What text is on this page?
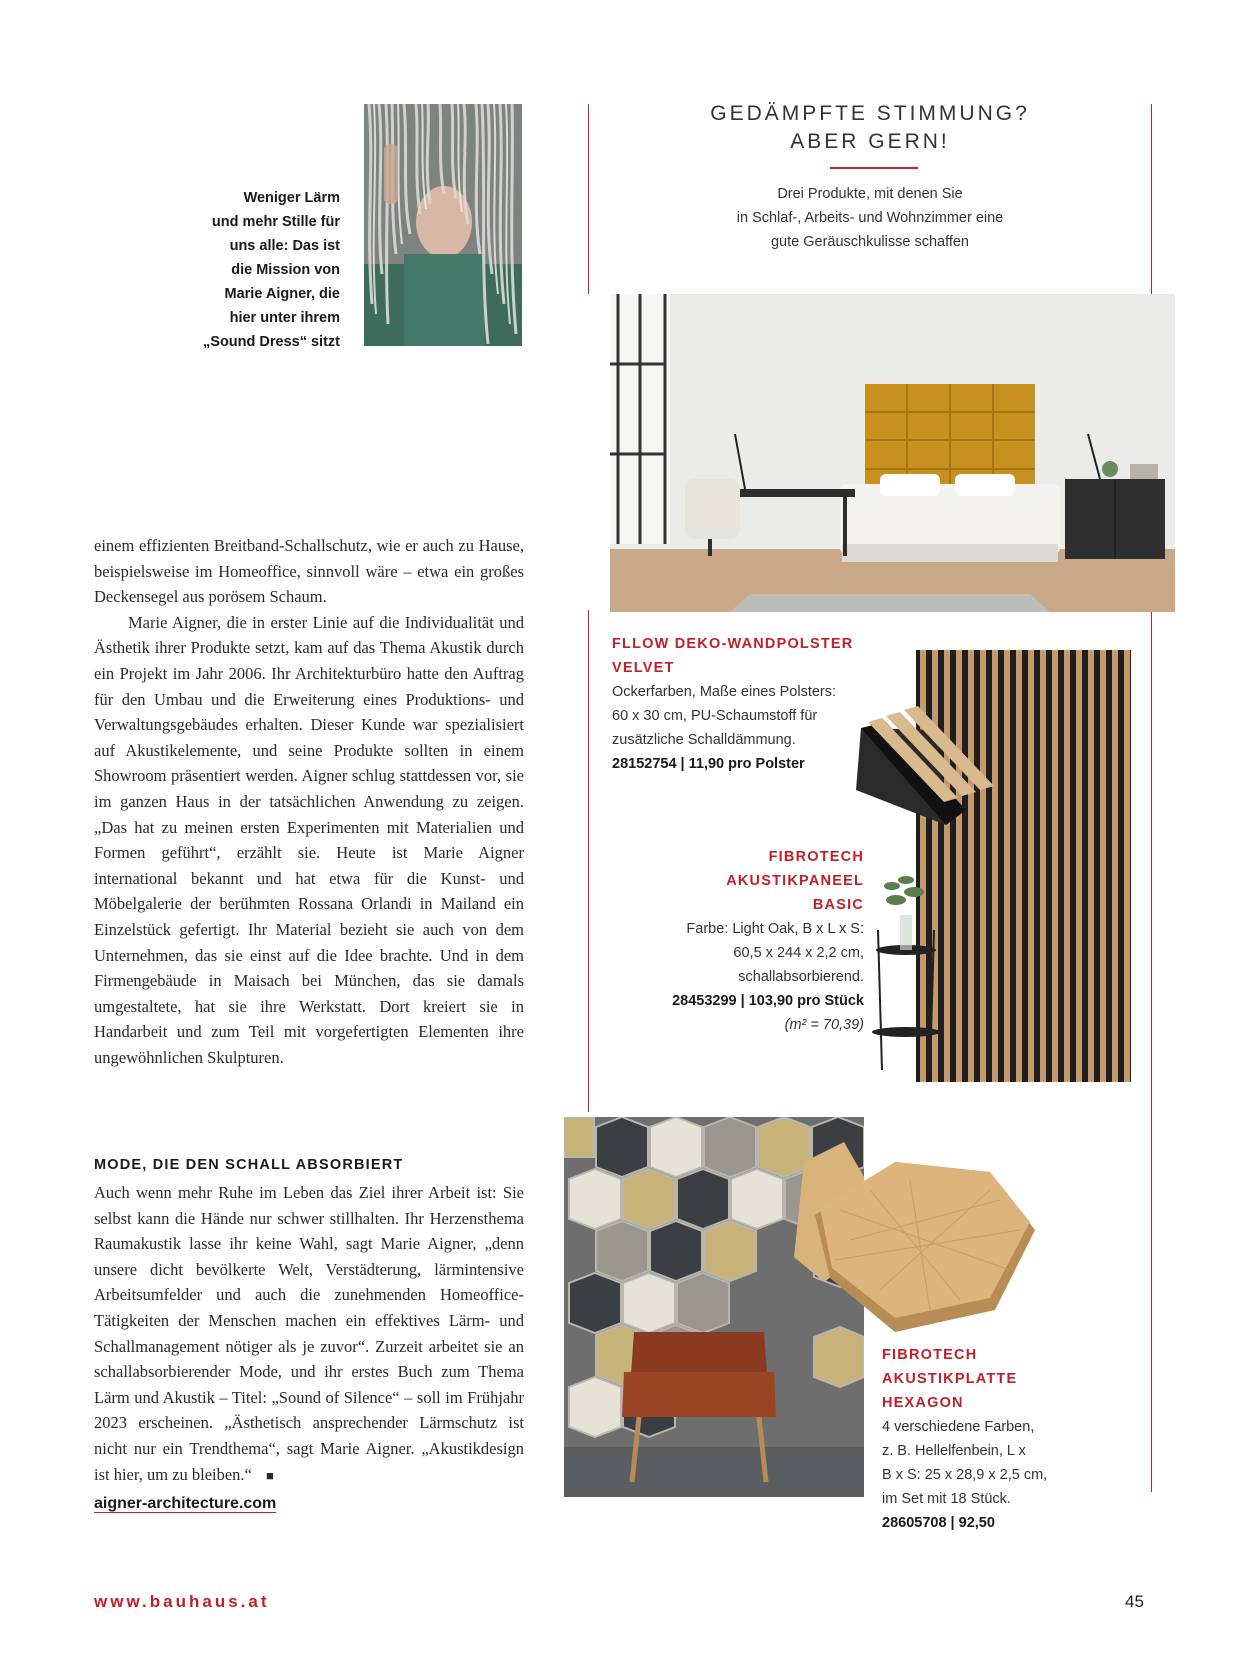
Weniger Lärm
und mehr Stille für
uns alle: Das ist
die Mission von
Marie Aigner, die
hier unter ihrem
„Sound Dress“ sitzt
GEDÄMPFTE STIMMUNG?
ABER GERN!
Drei Produkte, mit denen Sie
in Schlaf-, Arbeits- und Wohnzimmer eine
gute Geräuschkulisse schaffen

einem effizienten Breitband-Schallschutz, wie er auch zu Hause, beispielsweise im Homeoffice, sinnvoll wäre – etwa ein großes Deckensegel aus porösem Schaum.

Marie Aigner, die in erster Linie auf die Individualität und Ästhetik ihrer Produkte setzt, kam auf das Thema Akustik durch ein Projekt im Jahr 2006. Ihr Architekturbüro hatte den Auftrag für den Umbau und die Erweiterung eines Produktions- und Verwaltungsgebäudes erhalten. Dieser Kunde war spezialisiert auf Akustikelemente, und seine Produkte sollten in einem Showroom präsentiert werden. Aigner schlug stattdessen vor, sie im ganzen Haus in der tatsächlichen Anwendung zu zeigen. „Das hat zu meinen ersten Experimenten mit Materialien und Formen geführt“, erzählt sie. Heute ist Marie Aigner international bekannt und hat etwa für die Kunst- und Möbelgalerie der berühmten Rossana Orlandi in Mailand ein Einzelstück gefertigt. Ihr Material bezieht sie auch von dem Unternehmen, das sie einst auf die Idee brachte. Und in dem Firmengebäude in Maisach bei München, das sie damals umgestaltete, hat sie ihre Werkstatt. Dort kreiert sie in Handarbeit und zum Teil mit vorgefertigten Elementen ihre ungewöhnlichen Skulpturen.

MODE, DIE DEN SCHALL ABSORBIERT

Auch wenn mehr Ruhe im Leben das Ziel ihrer Arbeit ist: Sie selbst kann die Hände nur schwer stillhalten. Ihr Herzensthema Raumakustik lasse ihr keine Wahl, sagt Marie Aigner, „denn unsere dicht bevölkerte Welt, Verstädterung, lärmintensive Arbeitsumfelder und auch die zunehmenden Homeoffice-Tätigkeiten der Menschen machen ein effektives Lärm- und Schallmanagement nötiger als je zuvor“. Zurzeit arbeitet sie an schallabsorbierender Mode, und ihr erstes Buch zum Thema Lärm und Akustik – Titel: „Sound of Silence“ – soll im Frühjahr 2023 erscheinen. „Ästhetisch ansprechender Lärmschutz ist nicht nur ein Trendthema“, sagt Marie Aigner. „Akustikdesign ist hier, um zu bleiben.“ ■

aigner-architecture.com

FLLOW DEKO-WANDPOLSTER
VELVET
Ockerfarben, Maße eines Polsters:
60 x 30 cm, PU-Schaumstoff für
zusätzliche Schalldämmung.
28152754 | 11,90 pro Polster
FIBROTECH
AKUSTIKPANEEL
BASIC
Farbe: Light Oak, B x L x S:
60,5 x 244 x 2,2 cm,
schallabsorbierend.
28453299 | 103,90 pro Stück
(m² = 70,39)
FIBROTECH
AKUSTIKPLATTE
HEXAGON
4 verschiedene Farben,
z. B. Hellelfenbein, L x
B x S: 25 x 28,9 x 2,5 cm,
im Set mit 18 Stück.
28605708 | 92,50
www.bauhaus.at	45
